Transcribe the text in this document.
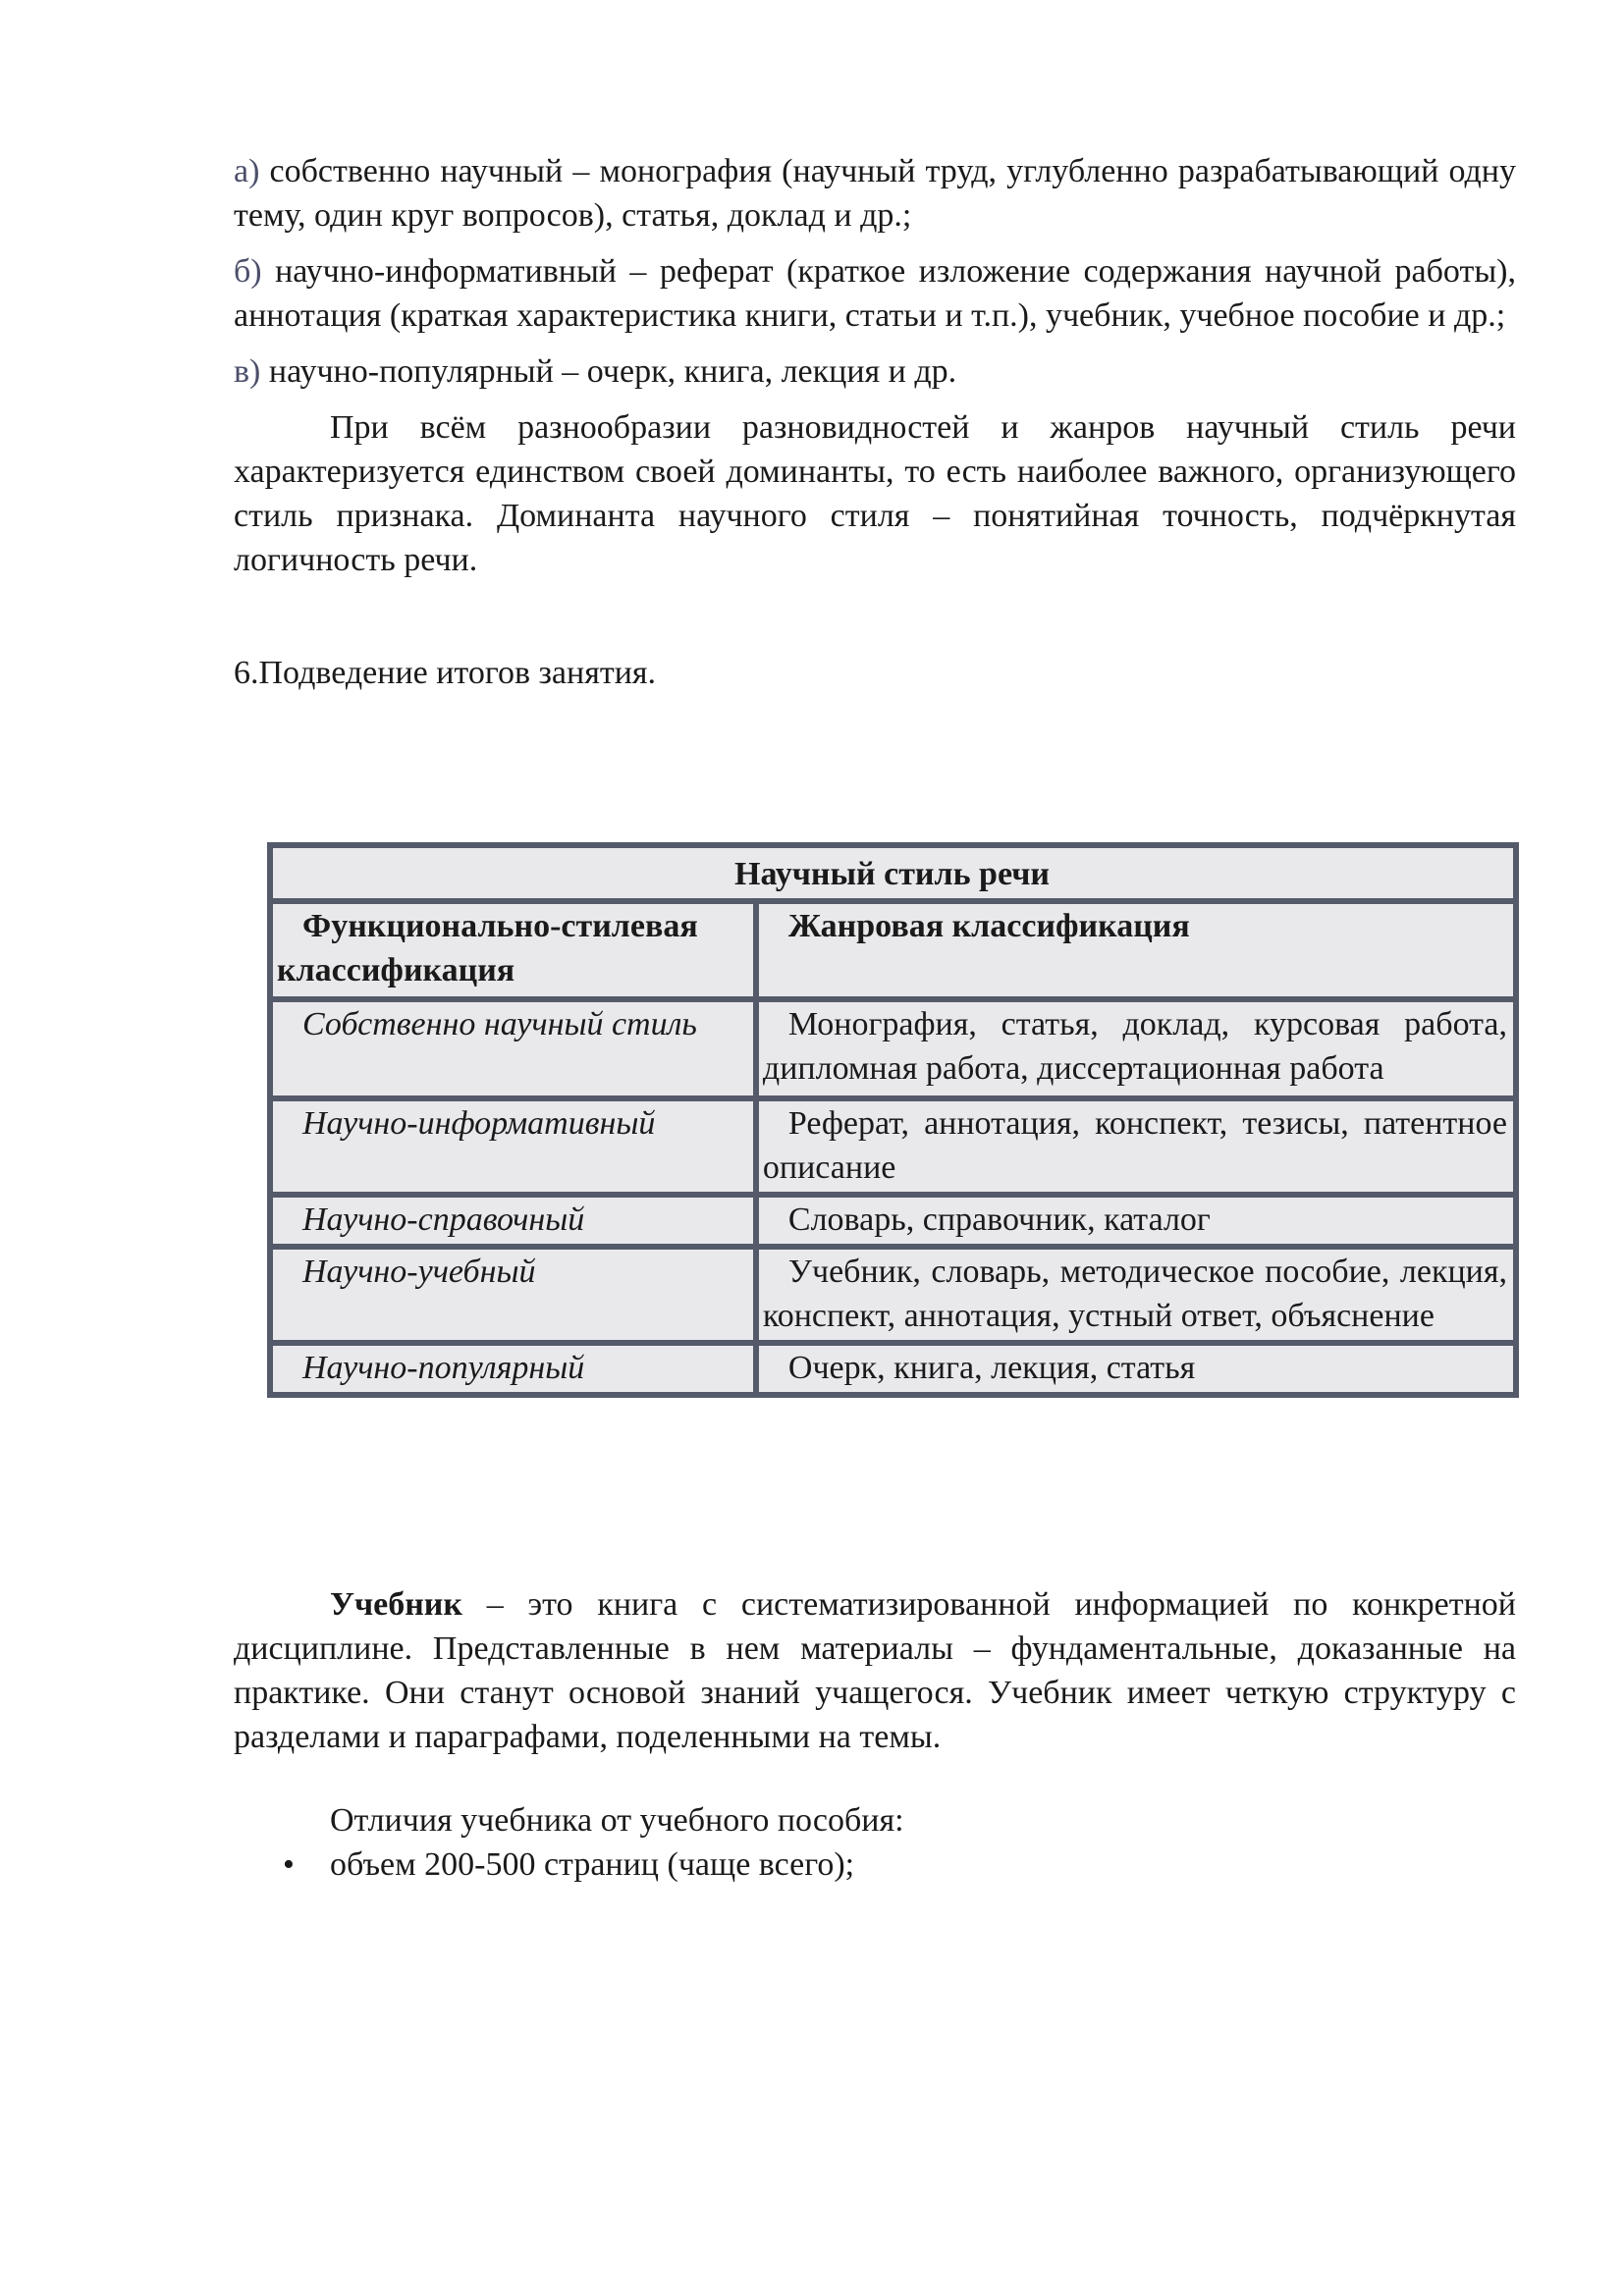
а) собственно научный – монография (научный труд, углубленно разрабатывающий одну тему, один круг вопросов), статья, доклад и др.;

б) научно-информативный – реферат (краткое изложение содержания научной работы), аннотация (краткая характеристика книги, статьи и т.п.), учебник, учебное пособие и др.;

в) научно-популярный – очерк, книга, лекция и др.

При всём разнообразии разновидностей и жанров научный стиль речи характеризуется единством своей доминанты, то есть наиболее важного, организующего стиль признака. Доминанта научного стиля – понятийная точность, подчёркнутая логичность речи.

6.Подведение итогов занятия.

Научный стиль речи	
Функционально-стилевая классификация	Жанровая классификация
Собственно научный стиль	Монография, статья, доклад, курсовая работа, дипломная работа, диссертационная работа
Научно-информативный	Реферат, аннотация, конспект, тезисы, патентное описание
Научно-справочный	Словарь, справочник, каталог
Научно-учебный	Учебник, словарь, методическое пособие, лекция, конспект, аннотация, устный ответ, объяснение
Научно-популярный	Очерк, книга, лекция, статья

Учебник – это книга с систематизированной информацией по конкретной дисциплине. Представленные в нем материалы – фундаментальные, доказанные на практике. Они станут основой знаний учащегося. Учебник имеет четкую структуру с разделами и параграфами, поделенными на темы.

Отличия учебника от учебного пособия:

• объем 200-500 страниц (чаще всего);
